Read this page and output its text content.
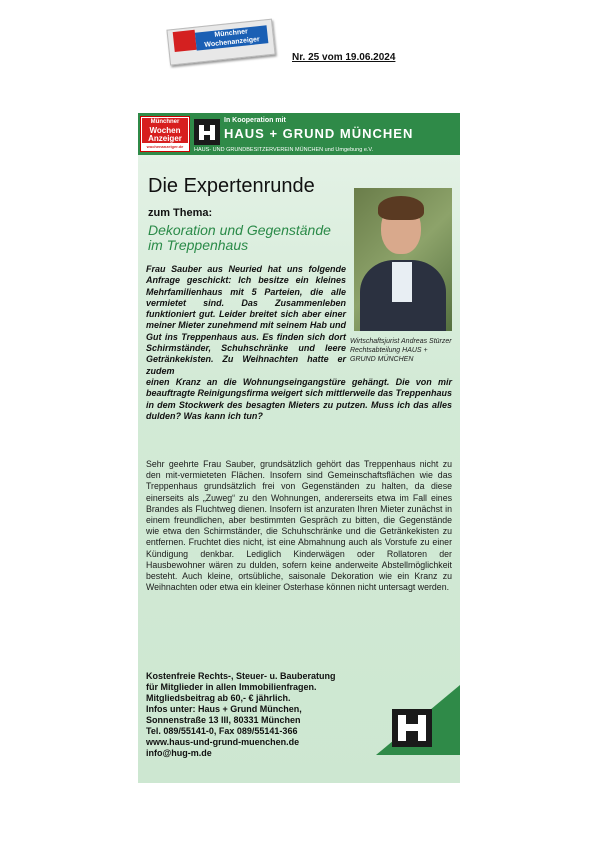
Münchner
Wochenanzeiger
Nr. 25 vom 19.06.2024
Münchner
Wochen Anzeiger
wochenanzeiger.de
In Kooperation mit
HAUS + GRUND MÜNCHEN
HAUS- UND GRUNDBESITZERVEREIN MÜNCHEN und Umgebung e.V.
Die Expertenrunde
zum Thema:
Dekoration und Gegenstände im Treppenhaus
Wirtschaftsjurist Andreas Stürzer Rechtsabteilung HAUS + GRUND MÜNCHEN
Frau Sauber aus Neuried hat uns folgende Anfrage geschickt: Ich besitze ein kleines Mehrfamilienhaus mit 5 Parteien, die alle vermietet sind. Das Zusammenleben funktioniert gut. Leider breitet sich aber einer meiner Mieter zunehmend mit seinem Hab und Gut ins Treppenhaus aus. Es finden sich dort Schirmständer, Schuhschränke und leere Getränkekisten. Zu Weihnachten hatte er zudem
einen Kranz an die Wohnungseingangstüre gehängt. Die von mir beauftragte Reinigungsfirma weigert sich mittlerweile das Treppenhaus in dem Stockwerk des besagten Mieters zu putzen. Muss ich das alles dulden? Was kann ich tun?
Sehr geehrte Frau Sauber, grundsätzlich gehört das Treppenhaus nicht zu den mit-vermieteten Flächen. Insofern sind Gemeinschaftsflächen wie das Treppenhaus grundsätzlich frei von Gegenständen zu halten, da diese einerseits als „Zuweg“ zu den Wohnungen, andererseits etwa im Fall eines Brandes als Fluchtweg dienen. Insofern ist anzuraten Ihren Mieter zunächst in einem freundlichen, aber bestimmten Gespräch zu bitten, die Gegenstände wie etwa den Schirmständer, die Schuhschränke und die Getränkekisten zu entfernen. Fruchtet dies nicht, ist eine Abmahnung auch als Vorstufe zu einer Kündigung denkbar. Lediglich Kinderwägen oder Rollatoren der Hausbewohner wären zu dulden, sofern keine anderweite Abstellmöglichkeit besteht. Auch kleine, ortsübliche, saisonale Dekoration wie ein Kranz zu Weihnachten oder etwa ein kleiner Osterhase können nicht untersagt werden.
Kostenfreie Rechts-, Steuer- u. Bauberatung
für Mitglieder in allen Immobilienfragen.
Mitgliedsbeitrag ab 60,- € jährlich.
Infos unter: Haus + Grund München,
Sonnenstraße 13 III, 80331 München
Tel. 089/55141-0, Fax 089/55141-366
www.haus-und-grund-muenchen.de
info@hug-m.de
